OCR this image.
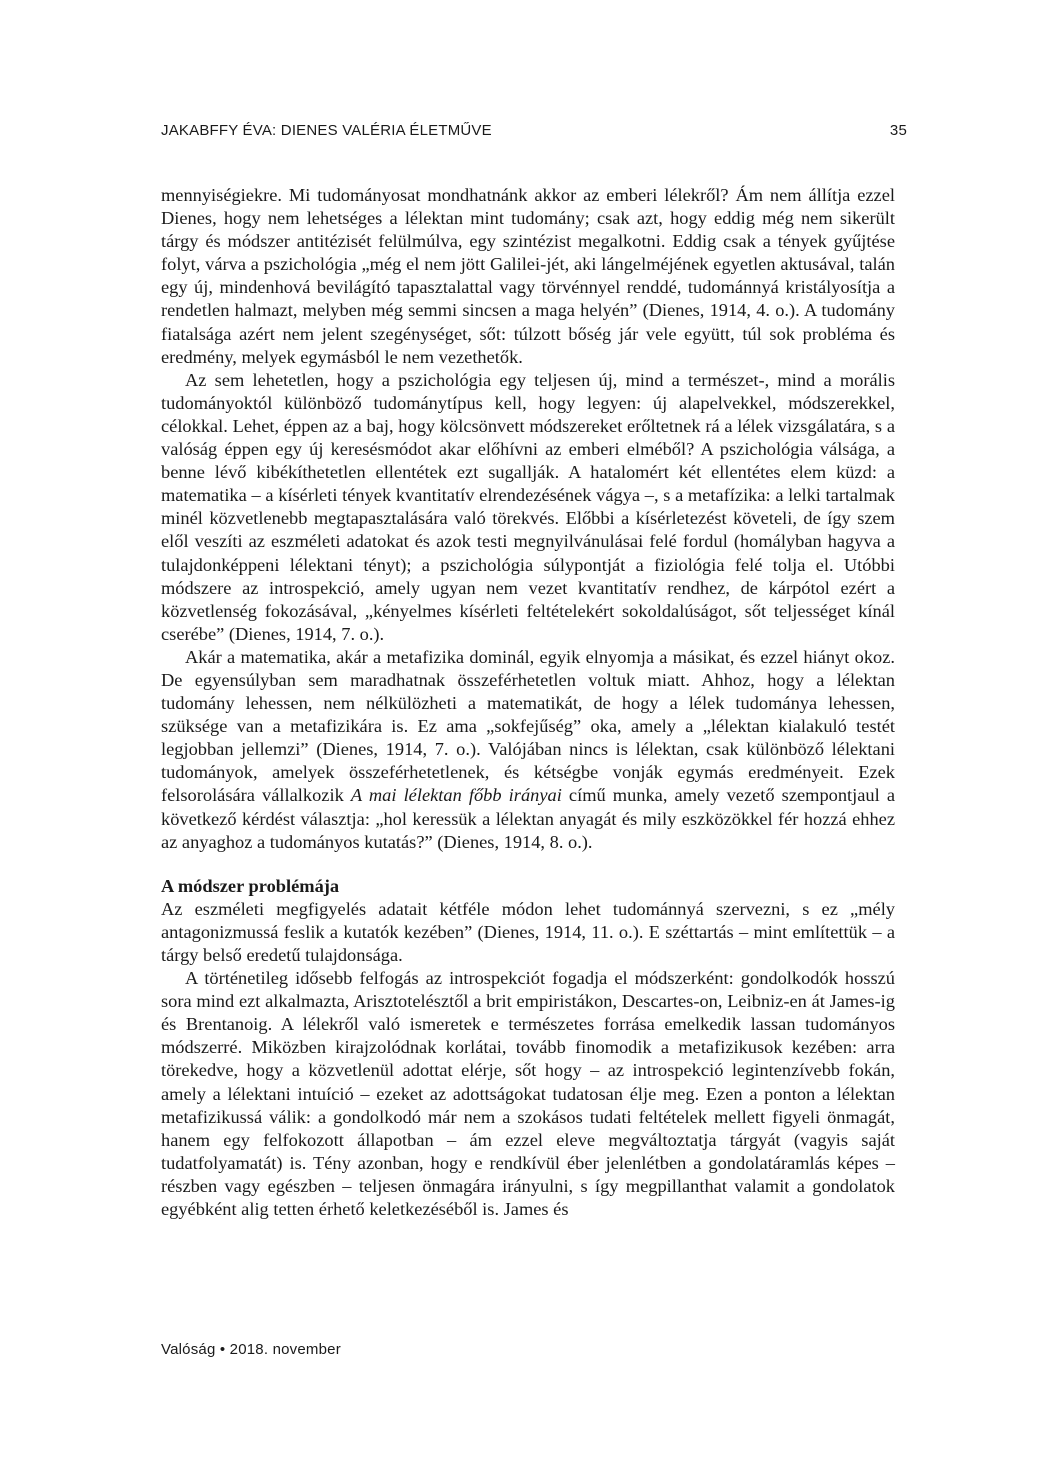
JAKABFFY ÉVA: DIENES VALÉRIA ÉLETMŰVE	35

mennyiségiekre. Mi tudományosat mondhatnánk akkor az emberi lélekről? Ám nem állítja ezzel Dienes, hogy nem lehetséges a lélektan mint tudomány; csak azt, hogy eddig még nem sikerült tárgy és módszer antitézisét felülmúlva, egy szintézist megalkotni. Eddig csak a tények gyűjtése folyt, várva a pszichológia „még el nem jött Galilei-jét, aki lángelméjének egyetlen aktusával, talán egy új, mindenhová bevilágító tapasztalattal vagy törvénnyel renddé, tudománnyá kristályosítja a rendetlen halmazt, melyben még semmi sincsen a maga helyén” (Dienes, 1914, 4. o.). A tudomány fiatalsága azért nem jelent szegénységet, sőt: túlzott bőség jár vele együtt, túl sok probléma és eredmény, melyek egymásból le nem vezethetők.

Az sem lehetetlen, hogy a pszichológia egy teljesen új, mind a természet-, mind a morális tudományoktól különböző tudománytípus kell, hogy legyen: új alapelvekkel, módszerekkel, célokkal. Lehet, éppen az a baj, hogy kölcsönvett módszereket erőltetnek rá a lélek vizsgálatára, s a valóság éppen egy új keresésmódot akar előhívni az emberi elméből? A pszichológia válsága, a benne lévő kibékíthetetlen ellentétek ezt sugallják. A hatalomért két ellentétes elem küzd: a matematika – a kísérleti tények kvantitatív elrendezésének vágya –, s a metafízika: a lelki tartalmak minél közvetlenebb megtapasztalására való törekvés. Előbbi a kísérletezést követeli, de így szem elől veszíti az eszméleti adatokat és azok testi megnyilvánulásai felé fordul (homályban hagyva a tulajdonképpeni lélektani tényt); a pszichológia súlypontját a fiziológia felé tolja el. Utóbbi módszere az introspekció, amely ugyan nem vezet kvantitatív rendhez, de kárpótol ezért a közvetlenség fokozásával, „kényelmes kísérleti feltételekért sokoldalúságot, sőt teljességet kínál cserébe” (Dienes, 1914, 7. o.).

Akár a matematika, akár a metafizika dominál, egyik elnyomja a másikat, és ezzel hiányt okoz. De egyensúlyban sem maradhatnak összeférhetetlen voltuk miatt. Ahhoz, hogy a lélektan tudomány lehessen, nem nélkülözheti a matematikát, de hogy a lélek tudománya lehessen, szüksége van a metafizikára is. Ez ama „sokfejűség” oka, amely a „lélektan kialakuló testét legjobban jellemzi” (Dienes, 1914, 7. o.). Valójában nincs is lélektan, csak különböző lélektani tudományok, amelyek összeférhetetlenek, és kétségbe vonják egymás eredményeit. Ezek felsorolására vállalkozik A mai lélektan főbb irányai című munka, amely vezető szempontjaul a következő kérdést választja: „hol keressük a lélektan anyagát és mily eszközökkel fér hozzá ehhez az anyaghoz a tudományos kutatás?” (Dienes, 1914, 8. o.).

A módszer problémája

Az eszméleti megfigyelés adatait kétféle módon lehet tudománnyá szervezni, s ez „mély antagonizmussá feslik a kutatók kezében” (Dienes, 1914, 11. o.). E széttartás – mint említettük – a tárgy belső eredetű tulajdonsága.

A történetileg idősebb felfogás az introspekciót fogadja el módszerként: gondolkodók hosszú sora mind ezt alkalmazta, Arisztotelésztől a brit empiristákon, Descartes-on, Leibniz-en át James-ig és Brentanoig. A lélekről való ismeretek e természetes forrása emelkedik lassan tudományos módszerré. Miközben kirajzolódnak korlátai, tovább finomodik a metafizikusok kezében: arra törekedve, hogy a közvetlenül adottat elérje, sőt hogy – az introspekció legintenzívebb fokán, amely a lélektani intuíció – ezeket az adottságokat tudatosan élje meg. Ezen a ponton a lélektan metafizikussá válik: a gondolkodó már nem a szokásos tudati feltételek mellett figyeli önmagát, hanem egy felfokozott állapotban – ám ezzel eleve megváltoztatja tárgyát (vagyis saját tudatfolyamatát) is. Tény azonban, hogy e rendkívül éber jelenlétben a gondolatáramlás képes – részben vagy egészben – teljesen önmagára irányulni, s így megpillanthat valamit a gondolatok egyébként alig tetten érhető keletkezéséből is. James és

Valóság • 2018. november
